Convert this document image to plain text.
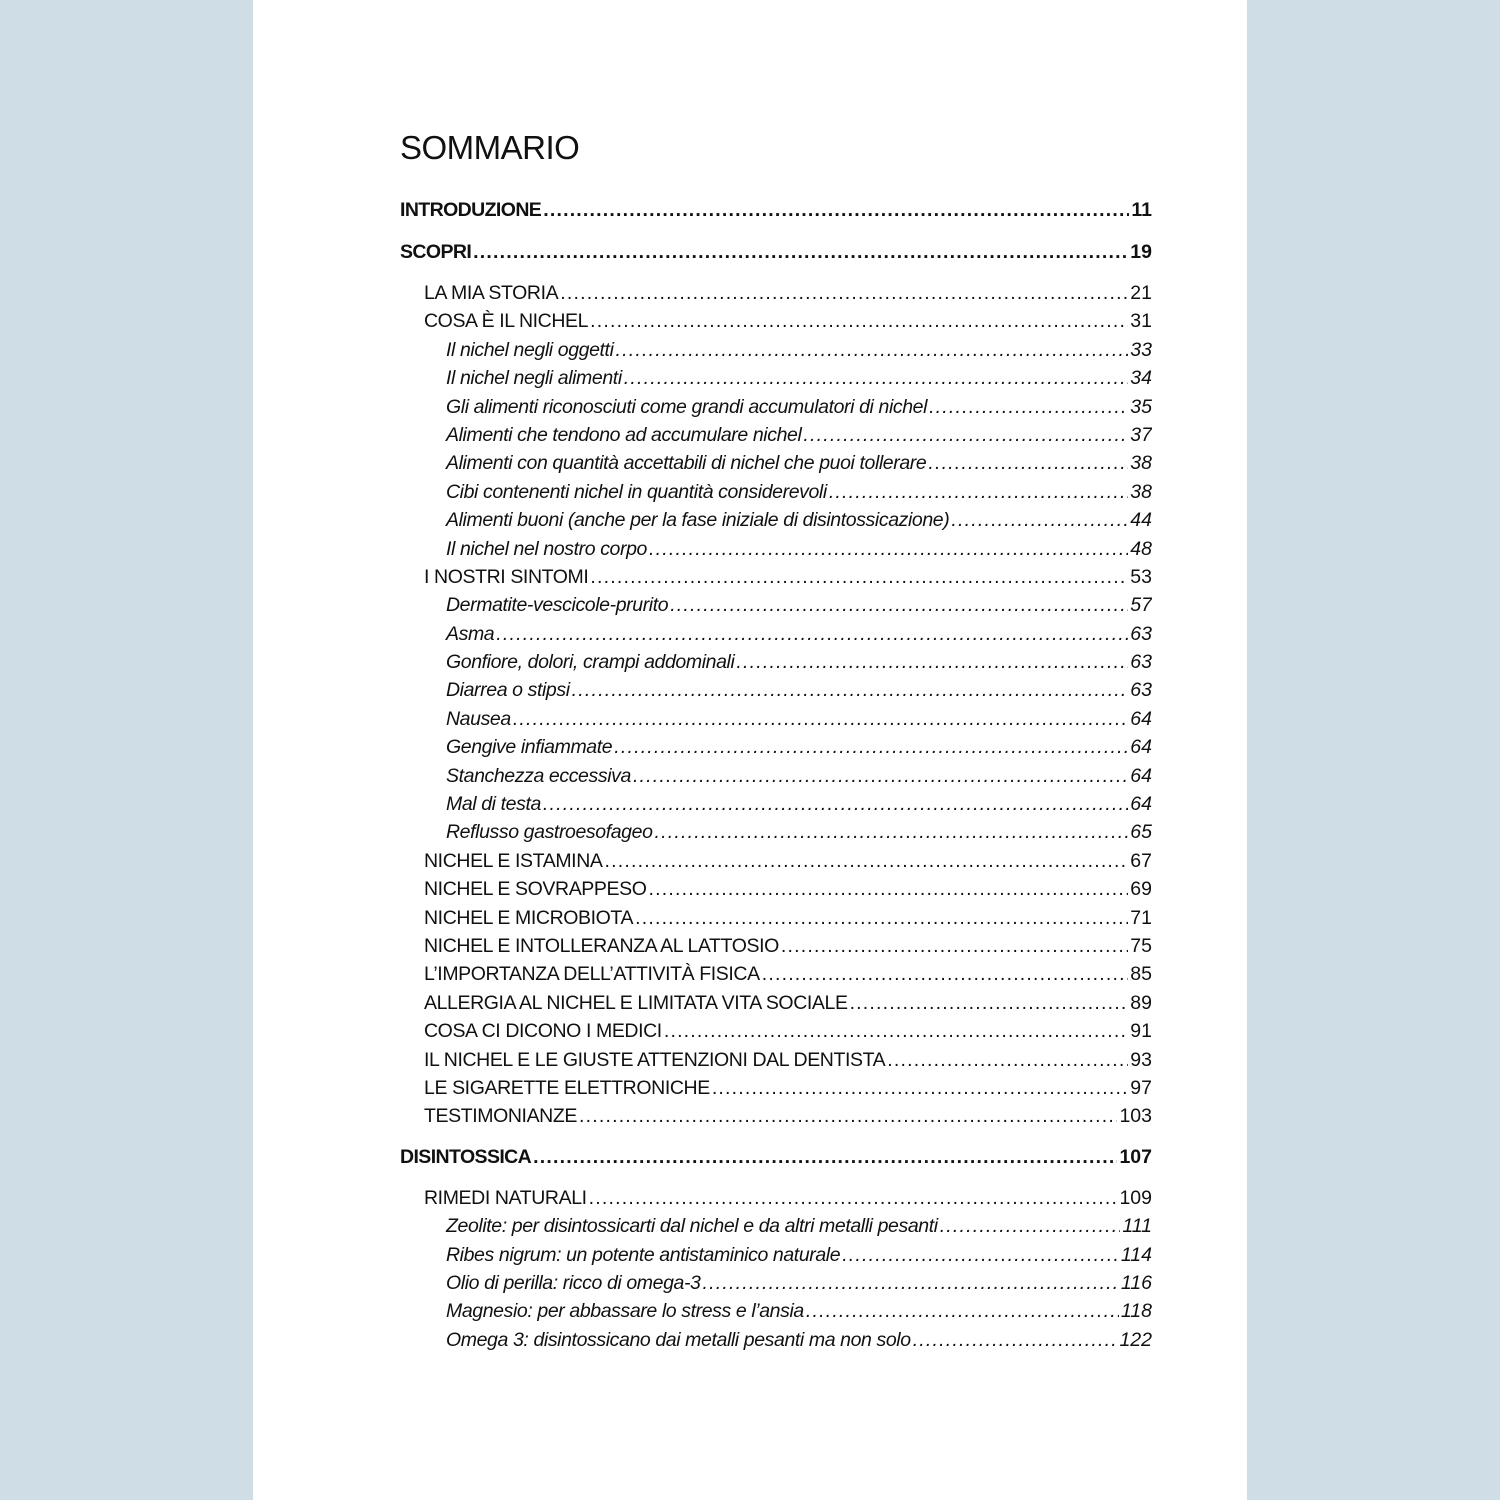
SOMMARIO
INTRODUZIONE .....	11
SCOPRI .....	19
LA MIA STORIA .....	21
COSA È IL NICHEL .....	31
Il nichel negli oggetti .....	33
Il nichel negli alimenti .....	34
Gli alimenti riconosciuti come grandi accumulatori di nichel .....	35
Alimenti che tendono ad accumulare nichel .....	37
Alimenti con quantità accettabili di nichel che puoi tollerare .....	38
Cibi contenenti nichel in quantità considerevoli .....	38
Alimenti buoni (anche per la fase iniziale di disintossicazione) .....	44
Il nichel nel nostro corpo .....	48
I NOSTRI SINTOMI .....	53
Dermatite-vescicole-prurito .....	57
Asma .....	63
Gonfiore, dolori, crampi addominali .....	63
Diarrea o stipsi .....	63
Nausea .....	64
Gengive infiammate .....	64
Stanchezza eccessiva .....	64
Mal di testa .....	64
Reflusso gastroesofageo .....	65
NICHEL E ISTAMINA .....	67
NICHEL E SOVRAPPESO .....	69
NICHEL E MICROBIOTA .....	71
NICHEL E INTOLLERANZA AL LATTOSIO .....	75
L’IMPORTANZA DELL’ATTIVITÀ FISICA .....	85
ALLERGIA AL NICHEL E LIMITATA VITA SOCIALE .....	89
COSA CI DICONO I MEDICI .....	91
IL NICHEL E LE GIUSTE ATTENZIONI DAL DENTISTA .....	93
LE SIGARETTE ELETTRONICHE .....	97
TESTIMONIANZE .....	103
DISINTOSSICA .....	107
RIMEDI NATURALI .....	109
Zeolite: per disintossicarti dal nichel e da altri metalli pesanti .....	111
Ribes nigrum: un potente antistaminico naturale .....	114
Olio di perilla: ricco di omega-3 .....	116
Magnesio: per abbassare lo stress e l’ansia .....	118
Omega 3: disintossicano dai metalli pesanti ma non solo .....	122
